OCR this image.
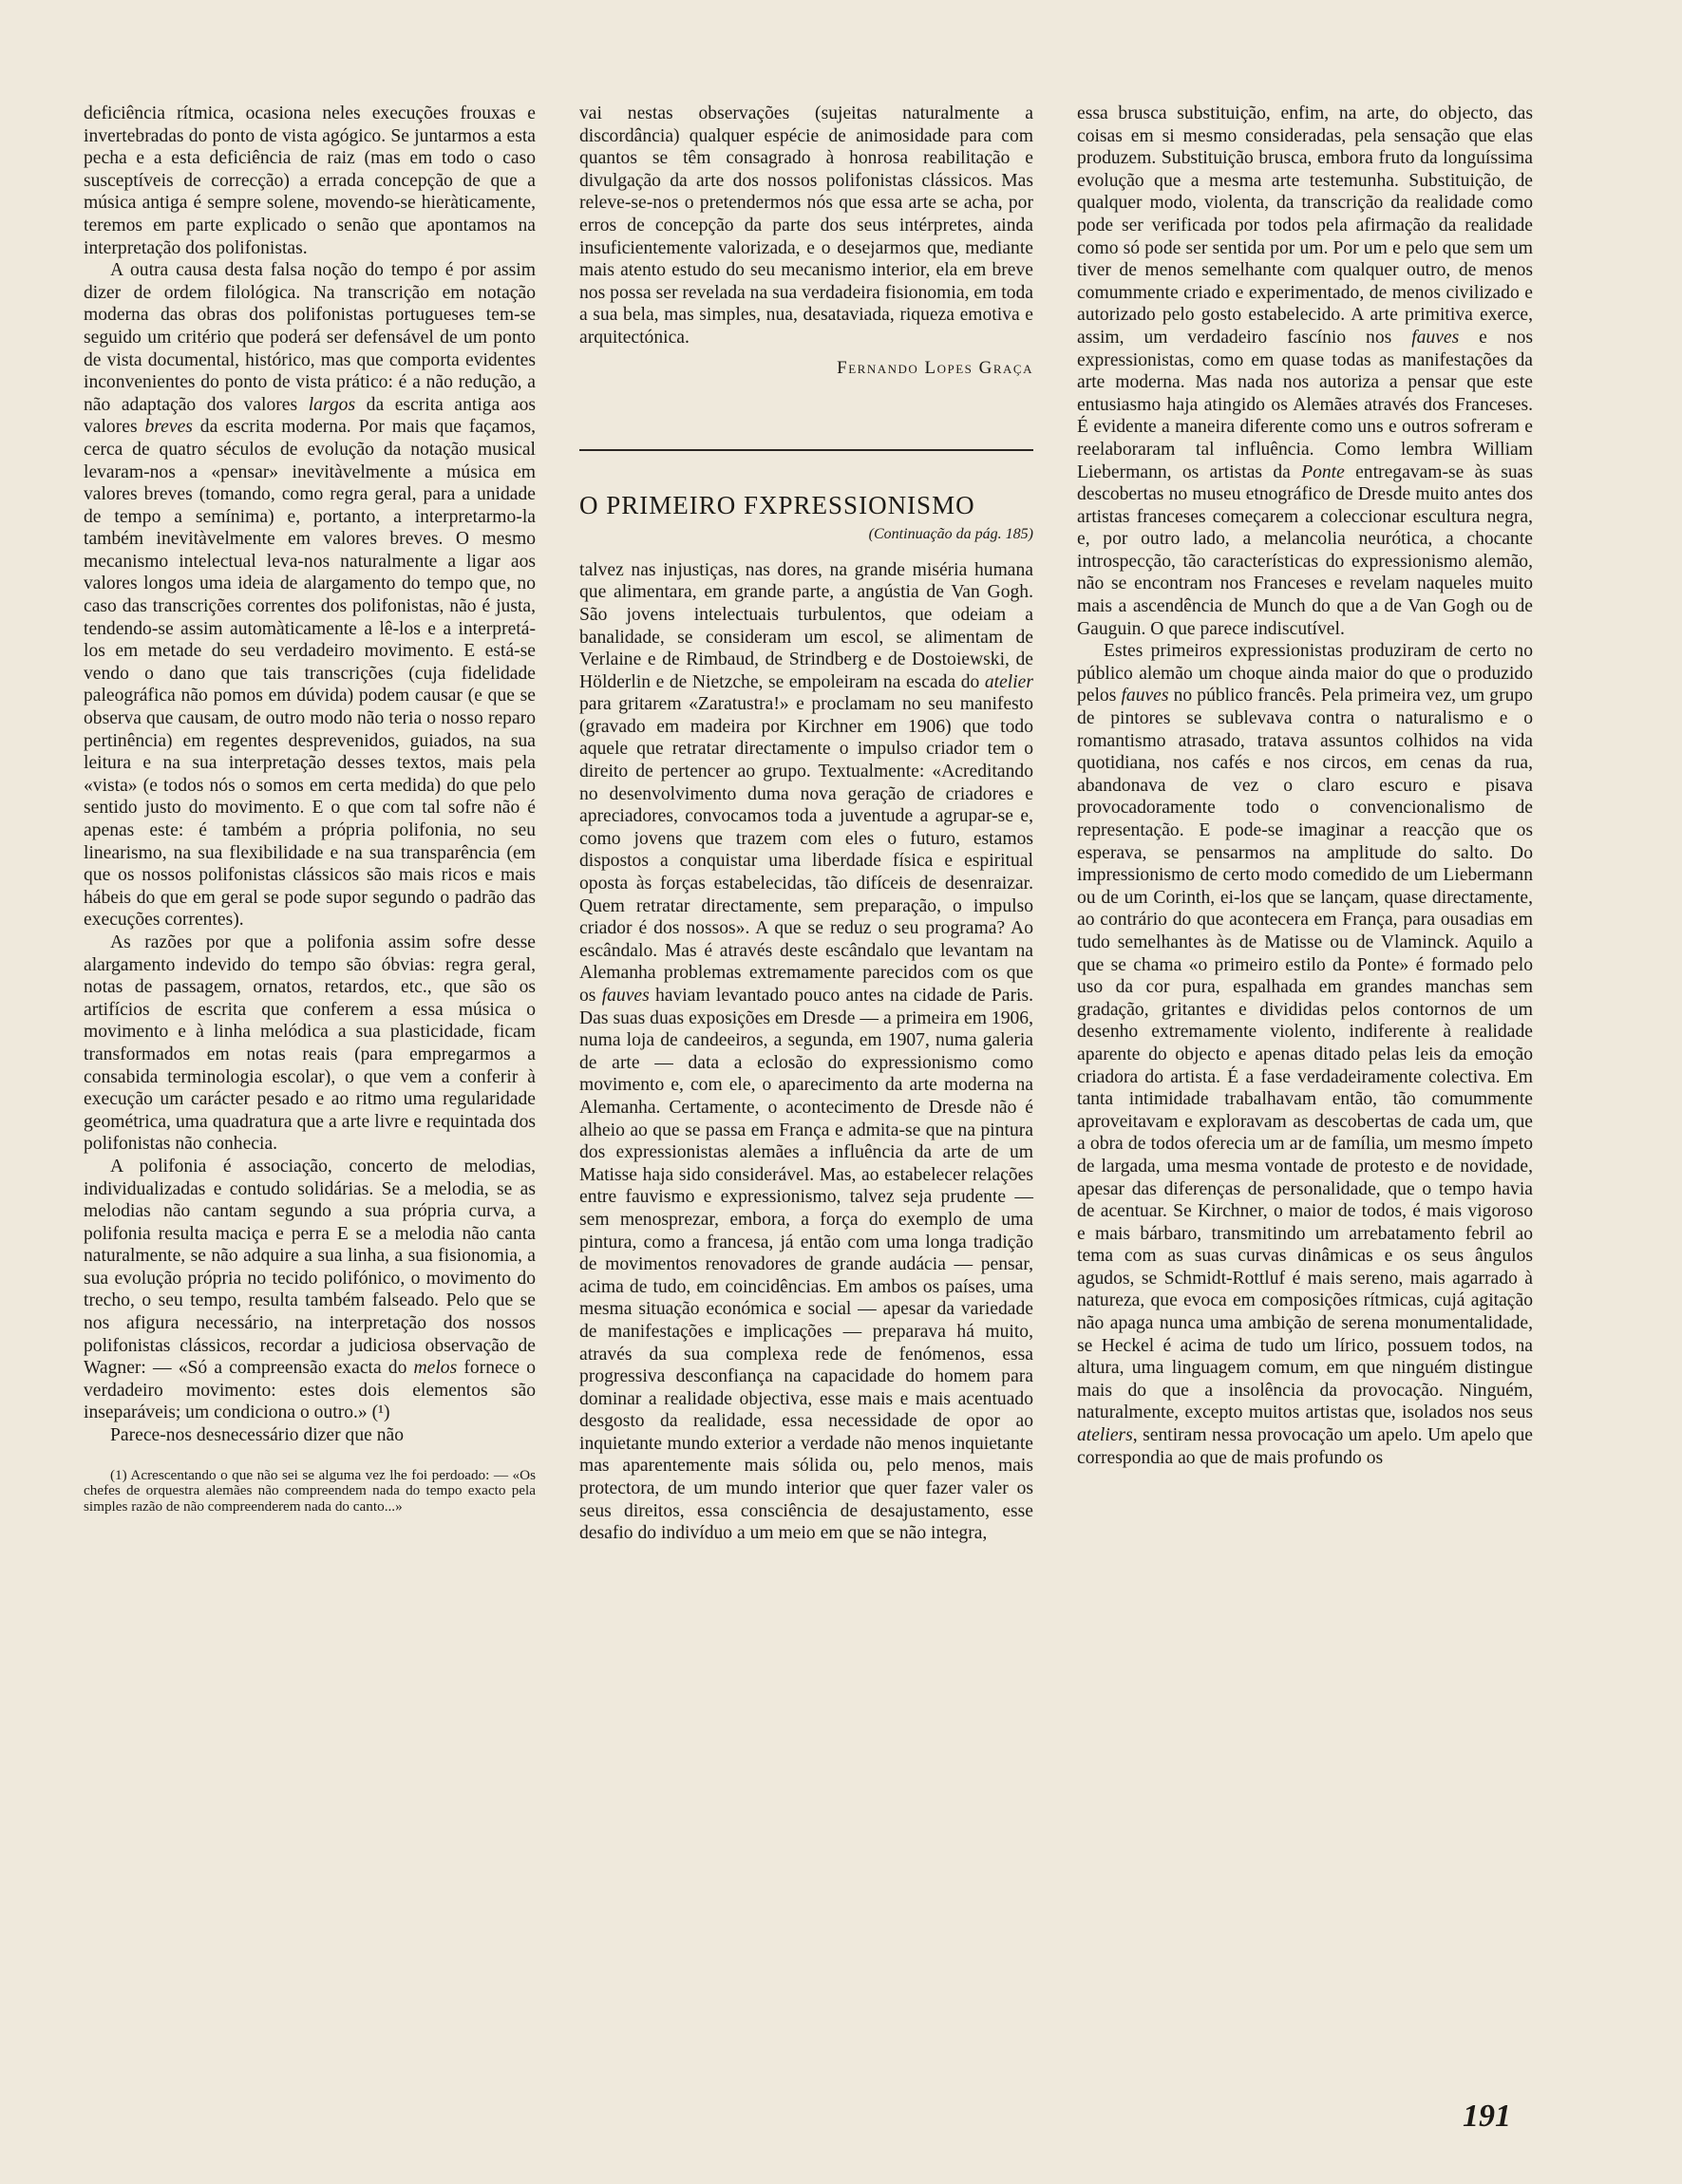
deficiência rítmica, ocasiona neles execuções frouxas e invertebradas do ponto de vista agógico. Se juntarmos a esta pecha e a esta deficiência de raiz (mas em todo o caso susceptíveis de correcção) a errada concepção de que a música antiga é sempre solene, movendo-se hieràticamente, teremos em parte explicado o senão que apontamos na interpretação dos polifonistas.

A outra causa desta falsa noção do tempo é por assim dizer de ordem filológica. Na transcrição em notação moderna das obras dos polifonistas portugueses tem-se seguido um critério que poderá ser defensável de um ponto de vista documental, histórico, mas que comporta evidentes inconvenientes do ponto de vista prático: é a não redução, a não adaptação dos valores largos da escrita antiga aos valores breves da escrita moderna. Por mais que façamos, cerca de quatro séculos de evolução da notação musical levaram-nos a «pensar» inevitàvelmente a música em valores breves (tomando, como regra geral, para a unidade de tempo a semínima) e, portanto, a interpretarmo-la também inevitàvelmente em valores breves. O mesmo mecanismo intelectual leva-nos naturalmente a ligar aos valores longos uma ideia de alargamento do tempo que, no caso das transcrições correntes dos polifonistas, não é justa, tendendo-se assim automàticamente a lê-los e a interpretá-los em metade do seu verdadeiro movimento. E está-se vendo o dano que tais transcrições (cuja fidelidade paleográfica não pomos em dúvida) podem causar (e que se observa que causam, de outro modo não teria o nosso reparo pertinência) em regentes desprevenidos, guiados, na sua leitura e na sua interpretação desses textos, mais pela «vista» (e todos nós o somos em certa medida) do que pelo sentido justo do movimento. E o que com tal sofre não é apenas este: é também a própria polifonia, no seu linearismo, na sua flexibilidade e na sua transparência (em que os nossos polifonistas clássicos são mais ricos e mais hábeis do que em geral se pode supor segundo o padrão das execuções correntes).

As razões por que a polifonia assim sofre desse alargamento indevido do tempo são óbvias: regra geral, notas de passagem, ornatos, retardos, etc., que são os artifícios de escrita que conferem a essa música o movimento e à linha melódica a sua plasticidade, ficam transformados em notas reais (para empregarmos a consabida terminologia escolar), o que vem a conferir à execução um carácter pesado e ao ritmo uma regularidade geométrica, uma quadratura que a arte livre e requintada dos polifonistas não conhecia.

A polifonia é associação, concerto de melodias, individualizadas e contudo solidárias. Se a melodia, se as melodias não cantam segundo a sua própria curva, a polifonia resulta maciça e perra E se a melodia não canta naturalmente, se não adquire a sua linha, a sua fisionomia, a sua evolução própria no tecido polifónico, o movimento do trecho, o seu tempo, resulta também falseado. Pelo que se nos afigura necessário, na interpretação dos nossos polifonistas clássicos, recordar a judiciosa observação de Wagner: — «Só a compreensão exacta do melos fornece o verdadeiro movimento: estes dois elementos são inseparáveis; um condiciona o outro.» (¹)

Parece-nos desnecessário dizer que não

(1) Acrescentando o que não sei se alguma vez lhe foi perdoado: — «Os chefes de orquestra alemães não compreendem nada do tempo exacto pela simples razão de não compreenderem nada do canto...»

vai nestas observações (sujeitas naturalmente a discordância) qualquer espécie de animosidade para com quantos se têm consagrado à honrosa reabilitação e divulgação da arte dos nossos polifonistas clássicos. Mas releve-se-nos o pretendermos nós que essa arte se acha, por erros de concepção da parte dos seus intérpretes, ainda insuficientemente valorizada, e o desejarmos que, mediante mais atento estudo do seu mecanismo interior, ela em breve nos possa ser revelada na sua verdadeira fisionomia, em toda a sua bela, mas simples, nua, desataviada, riqueza emotiva e arquitectónica.

Fernando Lopes Graça

O PRIMEIRO FXPRESSIONISMO

(Continuação da pág. 185)

talvez nas injustiças, nas dores, na grande miséria humana que alimentara, em grande parte, a angústia de Van Gogh. São jovens intelectuais turbulentos, que odeiam a banalidade, se consideram um escol, se alimentam de Verlaine e de Rimbaud, de Strindberg e de Dostoiewski, de Hölderlin e de Nietzche, se empoleiram na escada do atelier para gritarem «Zaratustra!» e proclamam no seu manifesto (gravado em madeira por Kirchner em 1906) que todo aquele que retratar directamente o impulso criador tem o direito de pertencer ao grupo. Textualmente: «Acreditando no desenvolvimento duma nova geração de criadores e apreciadores, convocamos toda a juventude a agrupar-se e, como jovens que trazem com eles o futuro, estamos dispostos a conquistar uma liberdade física e espiritual oposta às forças estabelecidas, tão difíceis de desenraizar. Quem retratar directamente, sem preparação, o impulso criador é dos nossos». A que se reduz o seu programa? Ao escândalo. Mas é através deste escândalo que levantam na Alemanha problemas extremamente parecidos com os que os fauves haviam levantado pouco antes na cidade de Paris. Das suas duas exposições em Dresde — a primeira em 1906, numa loja de candeeiros, a segunda, em 1907, numa galeria de arte — data a eclosão do expressionismo como movimento e, com ele, o aparecimento da arte moderna na Alemanha. Certamente, o acontecimento de Dresde não é alheio ao que se passa em França e admita-se que na pintura dos expressionistas alemães a influência da arte de um Matisse haja sido considerável. Mas, ao estabelecer relações entre fauvismo e expressionismo, talvez seja prudente — sem menosprezar, embora, a força do exemplo de uma pintura, como a francesa, já então com uma longa tradição de movimentos renovadores de grande audácia — pensar, acima de tudo, em coincidências. Em ambos os países, uma mesma situação económica e social — apesar da variedade de manifestações e implicações — preparava há muito, através da sua complexa rede de fenómenos, essa progressiva desconfiança na capacidade do homem para dominar a realidade objectiva, esse mais e mais acentuado desgosto da realidade, essa necessidade de opor ao inquietante mundo exterior a verdade não menos inquietante mas aparentemente mais sólida ou, pelo menos, mais protectora, de um mundo interior que quer fazer valer os seus direitos, essa consciência de desajustamento, esse desafio do indivíduo a um meio em que se não integra,

essa brusca substituição, enfim, na arte, do objecto, das coisas em si mesmo consideradas, pela sensação que elas produzem. Substituição brusca, embora fruto da longuíssima evolução que a mesma arte testemunha. Substituição, de qualquer modo, violenta, da transcrição da realidade como pode ser verificada por todos pela afirmação da realidade como só pode ser sentida por um. Por um e pelo que sem um tiver de menos semelhante com qualquer outro, de menos comummente criado e experimentado, de menos civilizado e autorizado pelo gosto estabelecido. A arte primitiva exerce, assim, um verdadeiro fascínio nos fauves e nos expressionistas, como em quase todas as manifestações da arte moderna. Mas nada nos autoriza a pensar que este entusiasmo haja atingido os Alemães através dos Franceses. É evidente a maneira diferente como uns e outros sofreram e reelaboraram tal influência. Como lembra William Liebermann, os artistas da Ponte entregavam-se às suas descobertas no museu etnográfico de Dresde muito antes dos artistas franceses começarem a coleccionar escultura negra, e, por outro lado, a melancolia neurótica, a chocante introspecção, tão características do expressionismo alemão, não se encontram nos Franceses e revelam naqueles muito mais a ascendência de Munch do que a de Van Gogh ou de Gauguin. O que parece indiscutível.

Estes primeiros expressionistas produziram de certo no público alemão um choque ainda maior do que o produzido pelos fauves no público francês. Pela primeira vez, um grupo de pintores se sublevava contra o naturalismo e o romantismo atrasado, tratava assuntos colhidos na vida quotidiana, nos cafés e nos circos, em cenas da rua, abandonava de vez o claro escuro e pisava provocadoramente todo o convencionalismo de representação. E pode-se imaginar a reacção que os esperava, se pensarmos na amplitude do salto. Do impressionismo de certo modo comedido de um Liebermann ou de um Corinth, ei-los que se lançam, quase directamente, ao contrário do que acontecera em França, para ousadias em tudo semelhantes às de Matisse ou de Vlaminck. Aquilo a que se chama «o primeiro estilo da Ponte» é formado pelo uso da cor pura, espalhada em grandes manchas sem gradação, gritantes e divididas pelos contornos de um desenho extremamente violento, indiferente à realidade aparente do objecto e apenas ditado pelas leis da emoção criadora do artista. É a fase verdadeiramente colectiva. Em tanta intimidade trabalhavam então, tão comummente aproveitavam e exploravam as descobertas de cada um, que a obra de todos oferecia um ar de família, um mesmo ímpeto de largada, uma mesma vontade de protesto e de novidade, apesar das diferenças de personalidade, que o tempo havia de acentuar. Se Kirchner, o maior de todos, é mais vigoroso e mais bárbaro, transmitindo um arrebatamento febril ao tema com as suas curvas dinâmicas e os seus ângulos agudos, se Schmidt-Rottluf é mais sereno, mais agarrado à natureza, que evoca em composições rítmicas, cujá agitação não apaga nunca uma ambição de serena monumentalidade, se Heckel é acima de tudo um lírico, possuem todos, na altura, uma linguagem comum, em que ninguém distingue mais do que a insolência da provocação. Ninguém, naturalmente, excepto muitos artistas que, isolados nos seus ateliers, sentiram nessa provocação um apelo. Um apelo que correspondia ao que de mais profundo os

191
